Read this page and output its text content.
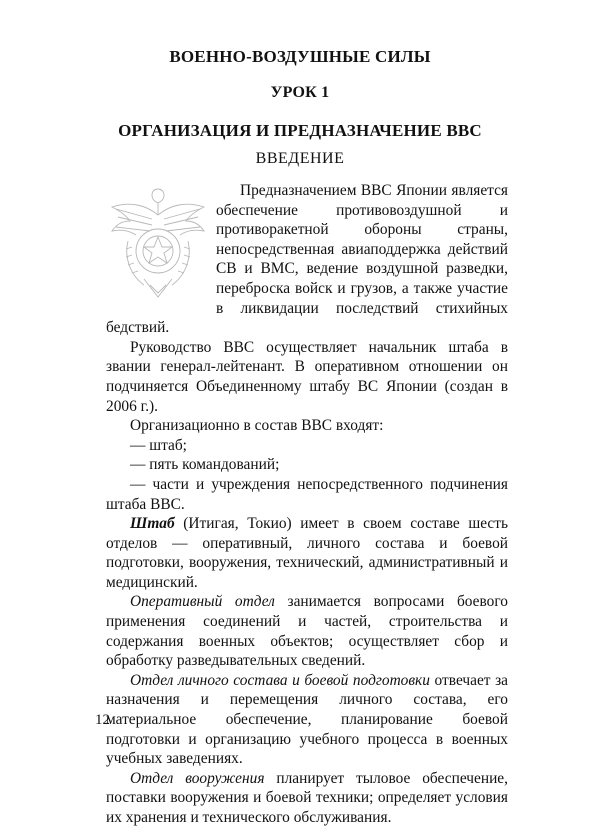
ВОЕННО-ВОЗДУШНЫЕ СИЛЫ
УРОК 1
ОРГАНИЗАЦИЯ И ПРЕДНАЗНАЧЕНИЕ ВВС
ВВЕДЕНИЕ

Предназначением ВВС Японии является обеспечение противовоздушной и противоракетной обороны страны, непосредственная авиаподдержка действий СВ и ВМС, ведение воздушной разведки, переброска войск и грузов, а также участие в ликвидации последствий стихийных бедствий.

Руководство ВВС осуществляет начальник штаба в звании генерал-лейтенант. В оперативном отношении он подчиняется Объединенному штабу ВС Японии (создан в 2006 г.).

Организационно в состав ВВС входят:

— штаб;

— пять командований;

— части и учреждения непосредственного подчинения штаба ВВС.

Штаб (Итигая, Токио) имеет в своем составе шесть отделов — оперативный, личного состава и боевой подготовки, вооружения, технический, административный и медицинский.

Оперативный отдел занимается вопросами боевого применения соединений и частей, строительства и содержания военных объектов; осуществляет сбор и обработку разведывательных сведений.

Отдел личного состава и боевой подготовки отвечает за назначения и перемещения личного состава, его материальное обеспечение, планирование боевой подготовки и организацию учебного процесса в военных учебных заведениях.

Отдел вооружения планирует тыловое обеспечение, поставки вооружения и боевой техники; определяет условия их хранения и технического обслуживания.

12
